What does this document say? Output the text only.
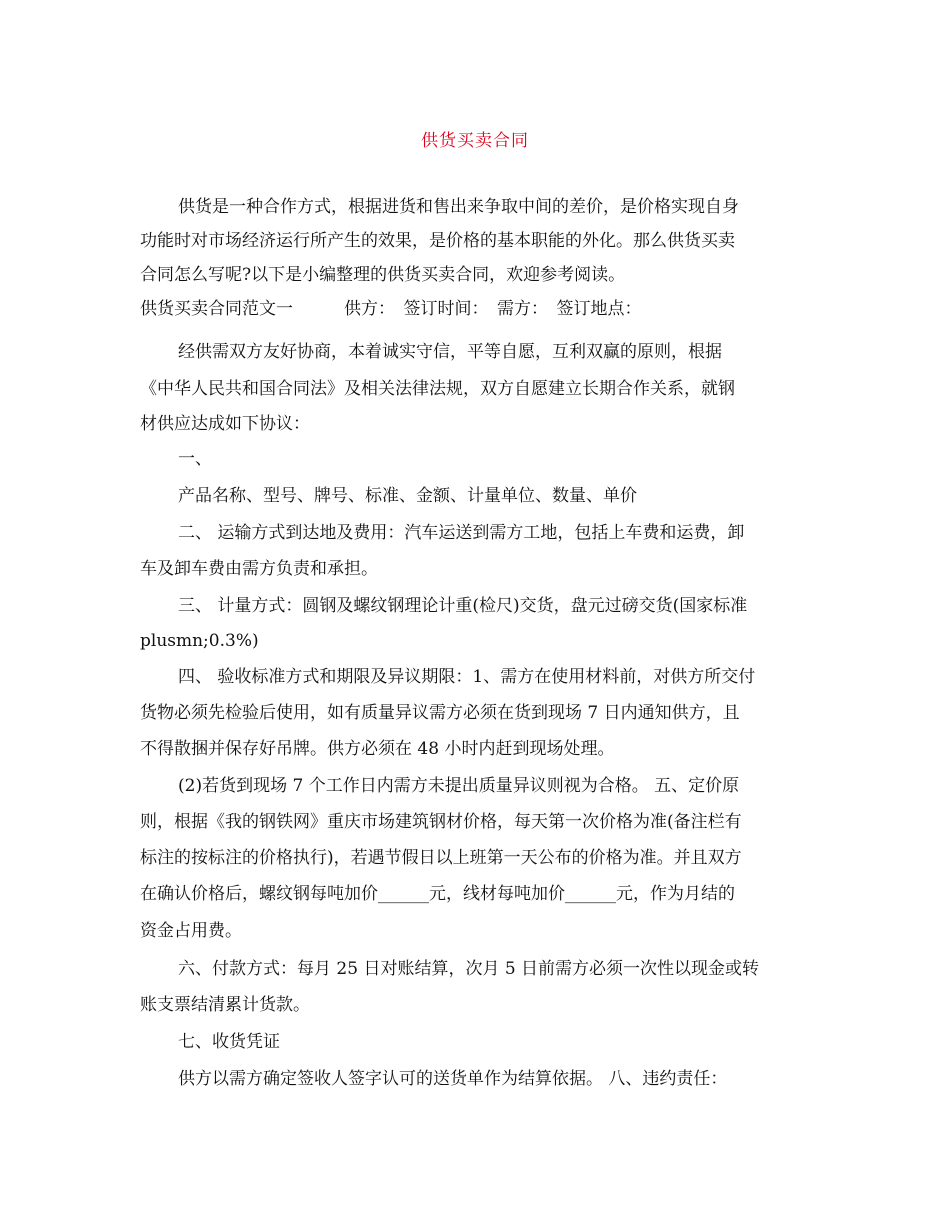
供货买卖合同
供货是一种合作方式，根据进货和售出来争取中间的差价，是价格实现自身
功能时对市场经济运行所产生的效果，是价格的基本职能的外化。那么供货买卖
合同怎么写呢?以下是小编整理的供货买卖合同，欢迎参考阅读。
供货买卖合同范文一　　　供方：　签订时间：　需方：　签订地点：
经供需双方友好协商，本着诚实守信，平等自愿，互利双赢的原则，根据
《中华人民共和国合同法》及相关法律法规，双方自愿建立长期合作关系，就钢
材供应达成如下协议：
一、
产品名称、型号、牌号、标准、金额、计量单位、数量、单价
二、 运输方式到达地及费用：汽车运送到需方工地，包括上车费和运费，卸
车及卸车费由需方负责和承担。
三、 计量方式：圆钢及螺纹钢理论计重(检尺)交货，盘元过磅交货(国家标准
plusmn;0.3%)
四、 验收标准方式和期限及异议期限：1、需方在使用材料前，对供方所交付
货物必须先检验后使用，如有质量异议需方必须在货到现场 7 日内通知供方，且
不得散捆并保存好吊牌。供方必须在 48 小时内赶到现场处理。
(2)若货到现场 7 个工作日内需方未提出质量异议则视为合格。 五、定价原
则，根据《我的钢铁网》重庆市场建筑钢材价格，每天第一次价格为准(备注栏有
标注的按标注的价格执行)，若遇节假日以上班第一天公布的价格为准。并且双方
在确认价格后，螺纹钢每吨加价______元，线材每吨加价______元，作为月结的
资金占用费。
六、付款方式：每月 25 日对账结算，次月 5 日前需方必须一次性以现金或转
账支票结清累计货款。
七、收货凭证
供方以需方确定签收人签字认可的送货单作为结算依据。 八、违约责任：
